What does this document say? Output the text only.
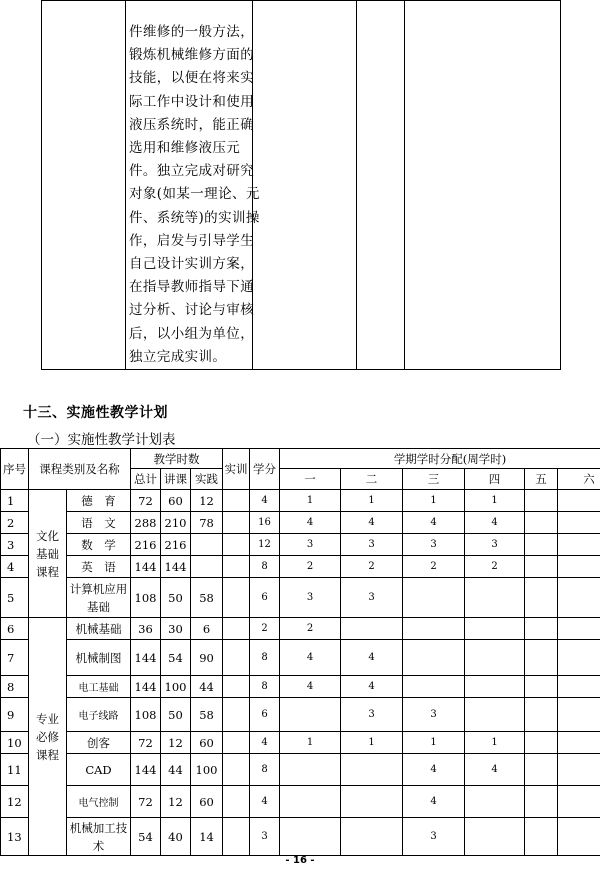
件维修的一般方法，
锻炼机械维修方面的
技能，以便在将来实
际工作中设计和使用
液压系统时，能正确
选用和维修液压元
件。独立完成对研究
对象(如某一理论、元
件、系统等)的实训操
作，启发与引导学生
自己设计实训方案，
在指导教师指导下通
过分析、讨论与审核
后，以小组为单位，
独立完成实训。

十三、实施性教学计划
（一）实施性教学计划表
序号	课程类别及名称		教学时数			实训	学分	学期学时分配(周学时)					
			总计	讲课	实践			一	二	三	四	五	六
1	文化基础课程	德　育	72	60	12		4	1	1	1	1		
2		语　文	288	210	78		16	4	4	4	4		
3		数　学	216	216			12	3	3	3	3		
4		英　语	144	144			8	2	2	2	2		
5		计算机应用基础	108	50	58		6	3	3				
6	专业必修课程	机械基础	36	30	6		2	2					
7		机械制图	144	54	90		8	4	4				
8		电工基础	144	100	44		8	4	4				
9		电子线路	108	50	58		6		3	3			
10		创客	72	12	60		4	1	1	1	1		
11		CAD	144	44	100		8			4	4		
12		电气控制	72	12	60		4			4			
13		机械加工技术	54	40	14		3			3			
- 16 -
